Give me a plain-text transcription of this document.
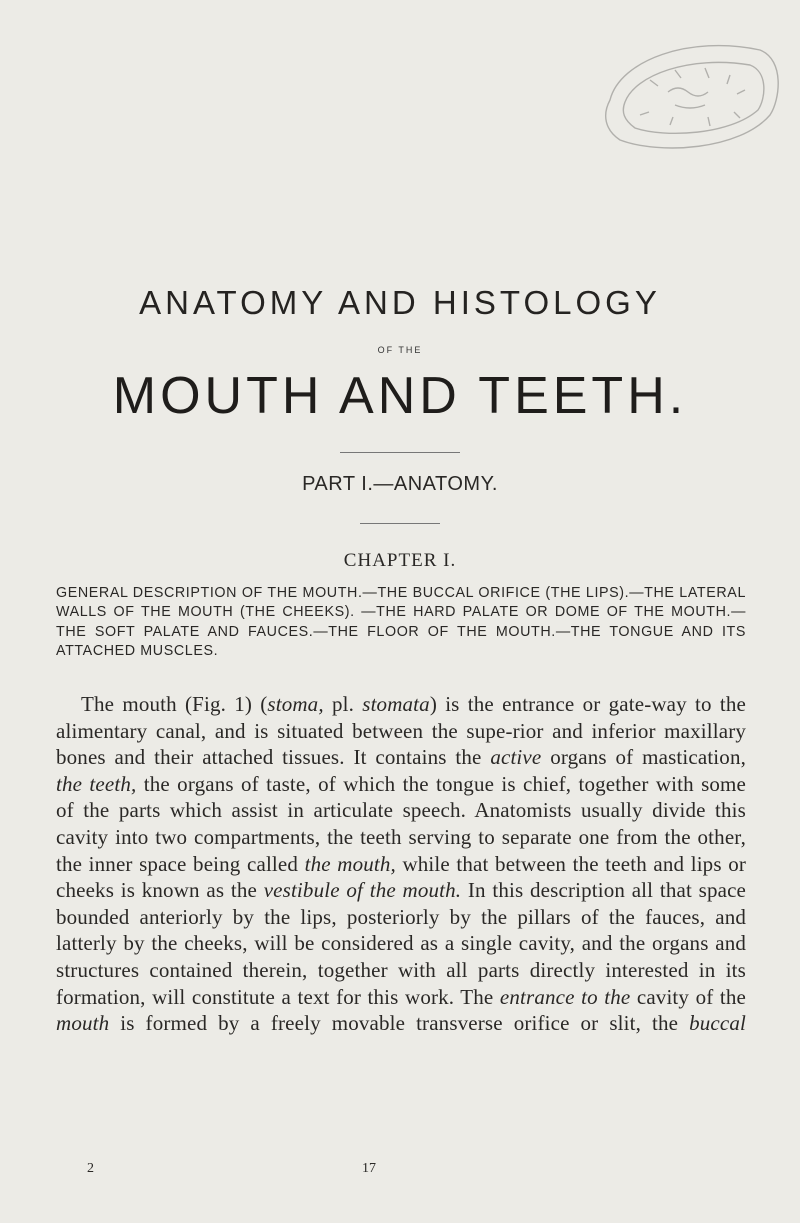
ANATOMY AND HISTOLOGY
OF THE
MOUTH AND TEETH.
PART I.—ANATOMY.
CHAPTER I.
GENERAL DESCRIPTION OF THE MOUTH.—THE BUCCAL ORIFICE (THE LIPS).—THE LATERAL WALLS OF THE MOUTH (THE CHEEKS). —THE HARD PALATE OR DOME OF THE MOUTH.—THE SOFT PALATE AND FAUCES.—THE FLOOR OF THE MOUTH.—THE TONGUE AND ITS ATTACHED MUSCLES.

The mouth (Fig. 1) (stoma, pl. stomata) is the entrance or gate-way to the alimentary canal, and is situated between the supe-rior and inferior maxillary bones and their attached tissues. It contains the active organs of mastication, the teeth, the organs of taste, of which the tongue is chief, together with some of the parts which assist in articulate speech. Anatomists usually divide this cavity into two compartments, the teeth serving to separate one from the other, the inner space being called the mouth, while that between the teeth and lips or cheeks is known as the vestibule of the mouth. In this description all that space bounded anteriorly by the lips, posteriorly by the pillars of the fauces, and latterly by the cheeks, will be considered as a single cavity, and the organs and structures contained therein, together with all parts directly interested in its formation, will constitute a text for this work. The entrance to the cavity of the mouth is formed by a freely movable transverse orifice or slit, the buccal

2	17
